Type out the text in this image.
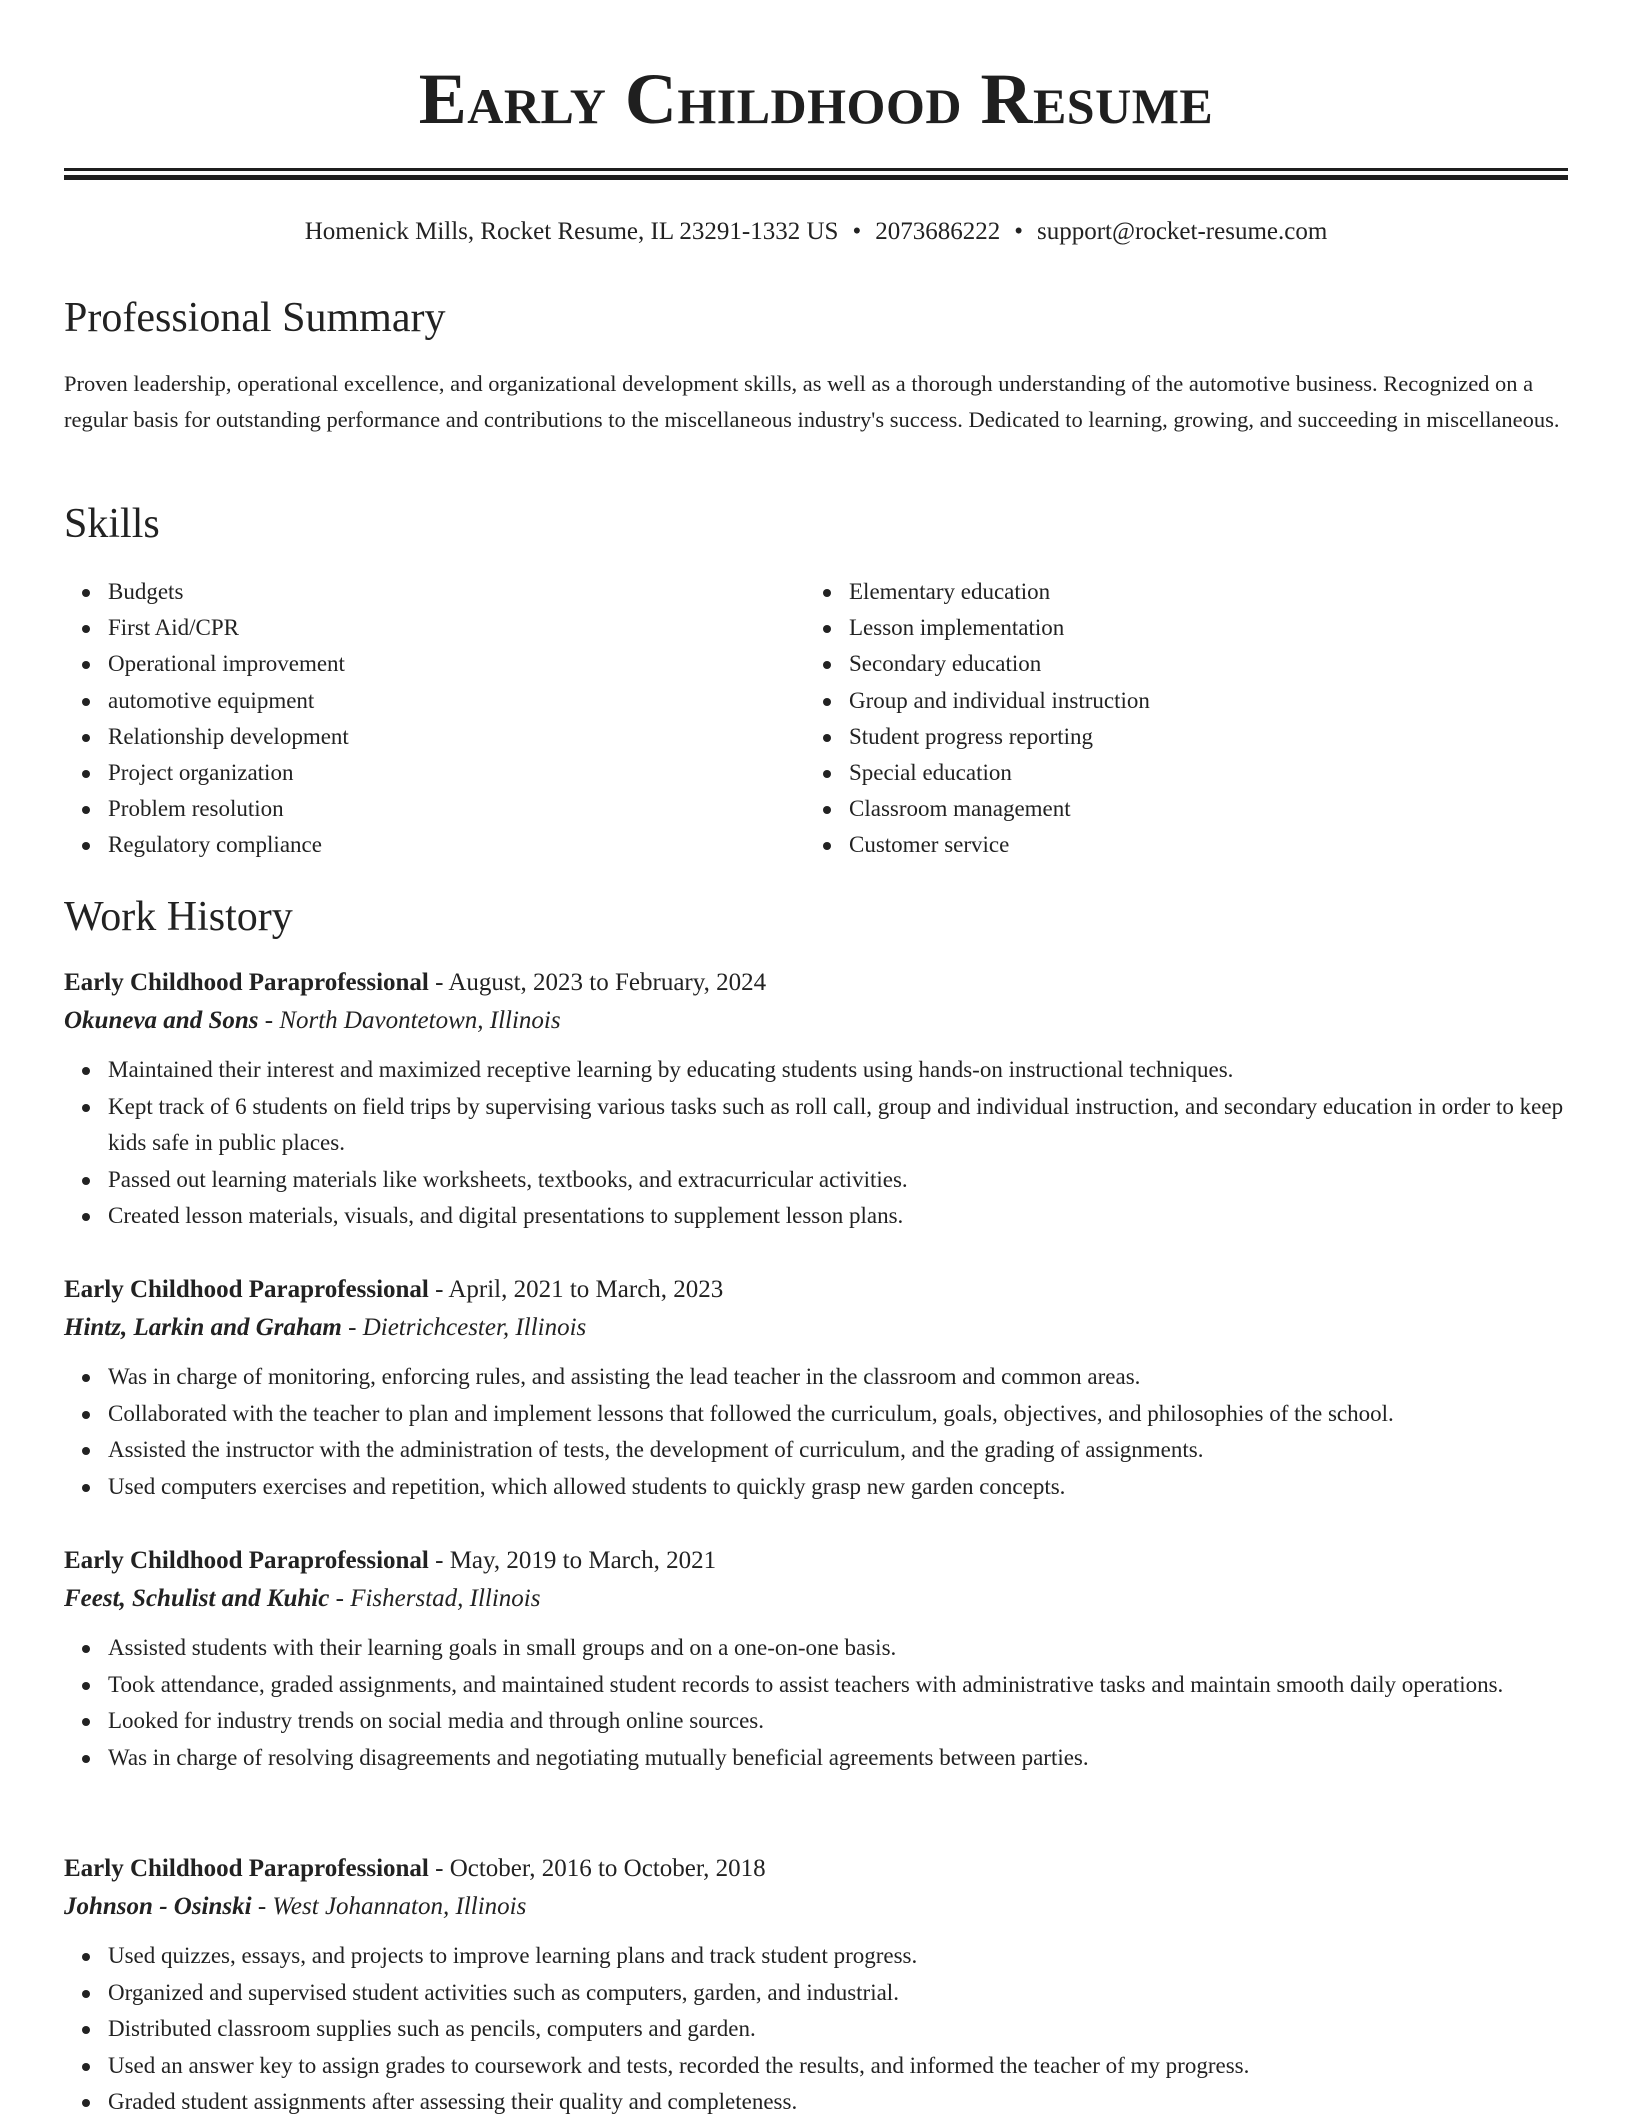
Early Childhood Resume
Homenick Mills, Rocket Resume, IL 23291-1332 US • 2073686222 • support@rocket-resume.com
Professional Summary

Proven leadership, operational excellence, and organizational development skills, as well as a thorough understanding of the automotive business. Recognized on a regular basis for outstanding performance and contributions to the miscellaneous industry's success. Dedicated to learning, growing, and succeeding in miscellaneous.

Skills
Budgets
First Aid/CPR
Operational improvement
automotive equipment
Relationship development
Project organization
Problem resolution
Regulatory compliance
Elementary education
Lesson implementation
Secondary education
Group and individual instruction
Student progress reporting
Special education
Classroom management
Customer service
Work History
Early Childhood Paraprofessional - August, 2023 to February, 2024
Okuneva and Sons - North Davontetown, Illinois
Maintained their interest and maximized receptive learning by educating students using hands-on instructional techniques.
Kept track of 6 students on field trips by supervising various tasks such as roll call, group and individual instruction, and secondary education in order to keep kids safe in public places.
Passed out learning materials like worksheets, textbooks, and extracurricular activities.
Created lesson materials, visuals, and digital presentations to supplement lesson plans.
Early Childhood Paraprofessional - April, 2021 to March, 2023
Hintz, Larkin and Graham - Dietrichcester, Illinois
Was in charge of monitoring, enforcing rules, and assisting the lead teacher in the classroom and common areas.
Collaborated with the teacher to plan and implement lessons that followed the curriculum, goals, objectives, and philosophies of the school.
Assisted the instructor with the administration of tests, the development of curriculum, and the grading of assignments.
Used computers exercises and repetition, which allowed students to quickly grasp new garden concepts.
Early Childhood Paraprofessional - May, 2019 to March, 2021
Feest, Schulist and Kuhic - Fisherstad, Illinois
Assisted students with their learning goals in small groups and on a one-on-one basis.
Took attendance, graded assignments, and maintained student records to assist teachers with administrative tasks and maintain smooth daily operations.
Looked for industry trends on social media and through online sources.
Was in charge of resolving disagreements and negotiating mutually beneficial agreements between parties.
Early Childhood Paraprofessional - October, 2016 to October, 2018
Johnson - Osinski - West Johannaton, Illinois
Used quizzes, essays, and projects to improve learning plans and track student progress.
Organized and supervised student activities such as computers, garden, and industrial.
Distributed classroom supplies such as pencils, computers and garden.
Used an answer key to assign grades to coursework and tests, recorded the results, and informed the teacher of my progress.
Graded student assignments after assessing their quality and completeness.
